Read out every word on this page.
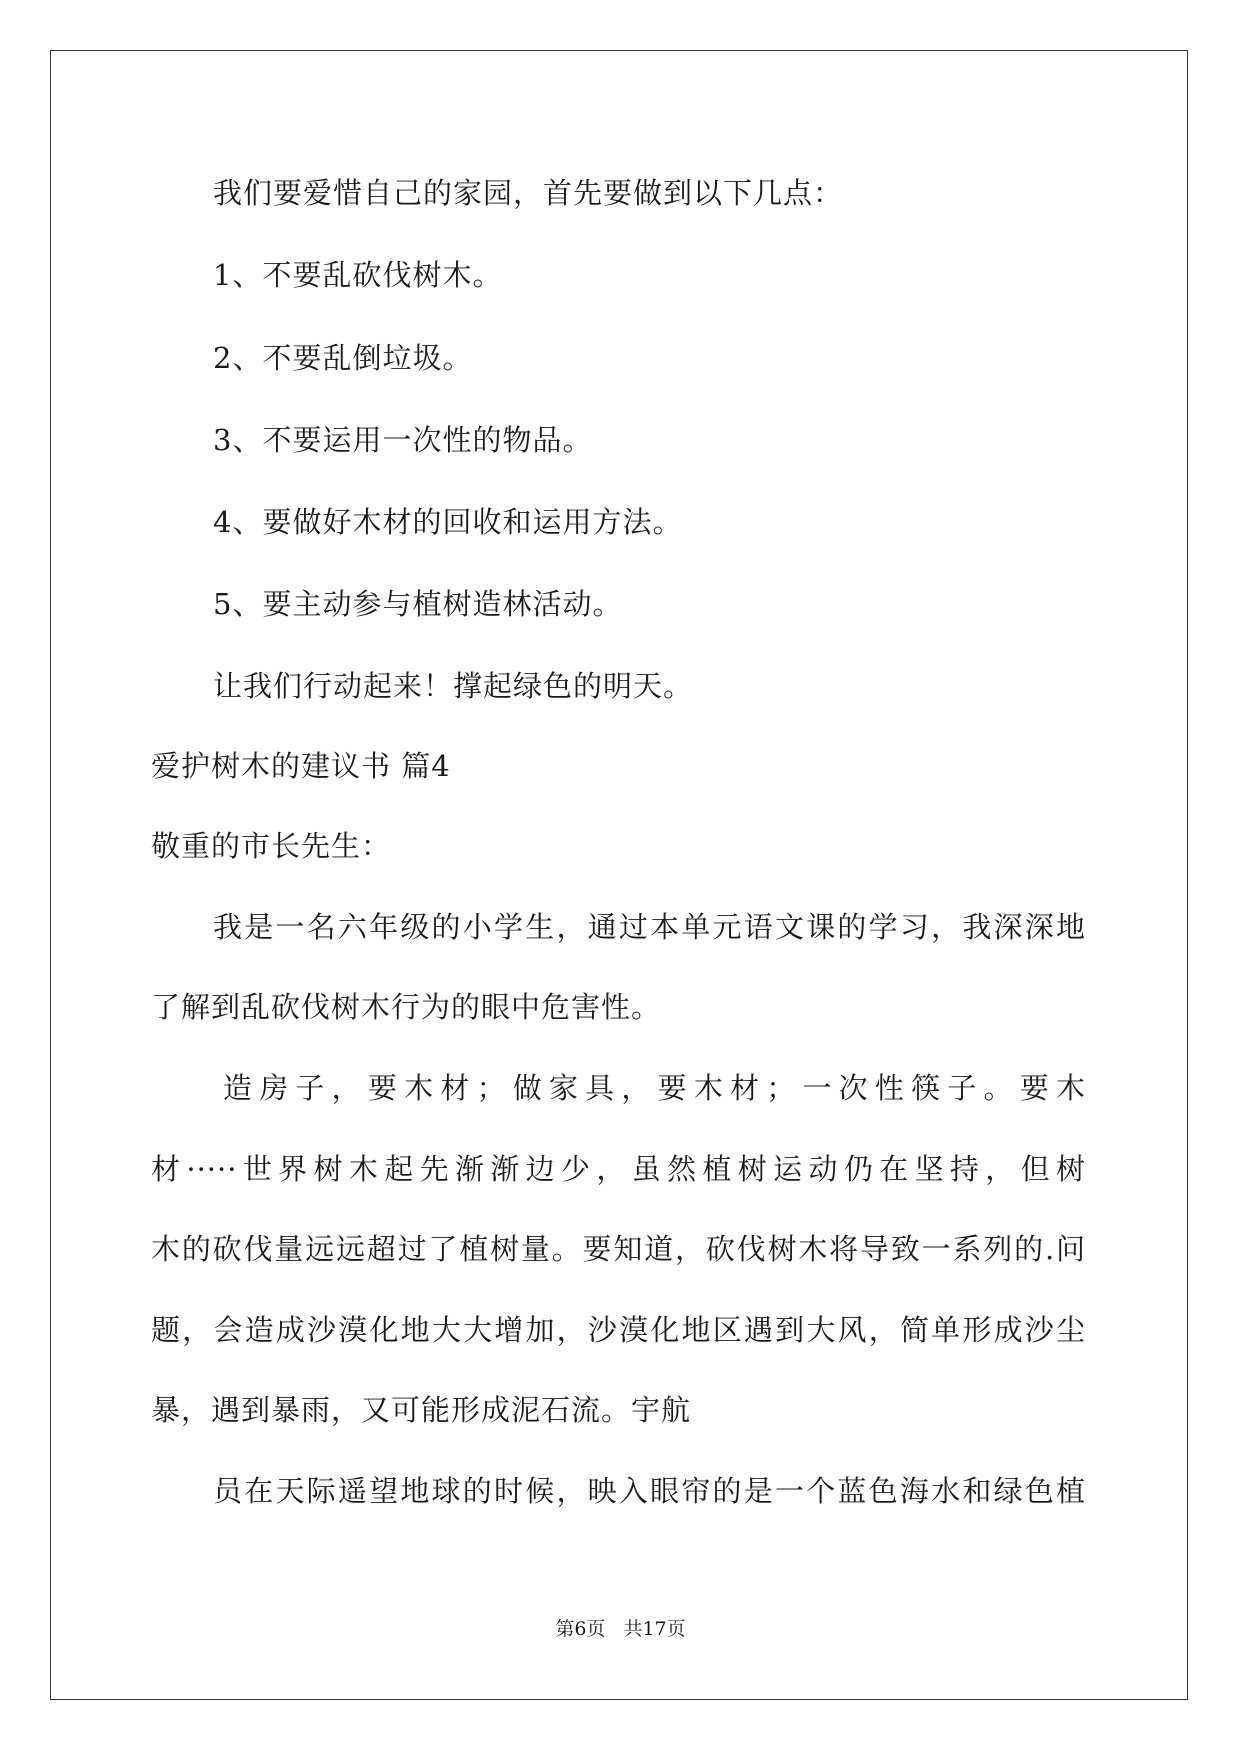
我们要爱惜自己的家园，首先要做到以下几点：

1、不要乱砍伐树木。

2、不要乱倒垃圾。

3、不要运用一次性的物品。

4、要做好木材的回收和运用方法。

5、要主动参与植树造林活动。

让我们行动起来！撑起绿色的明天。

爱护树木的建议书 篇4

敬重的市长先生：

我是一名六年级的小学生，通过本单元语文课的学习，我深深地

了解到乱砍伐树木行为的眼中危害性。

造房子，要木材；做家具，要木材；一次性筷子。要木

材·····世界树木起先渐渐边少，虽然植树运动仍在坚持，但树

木的砍伐量远远超过了植树量。要知道，砍伐树木将导致一系列的.问

题，会造成沙漠化地大大增加，沙漠化地区遇到大风，简单形成沙尘

暴，遇到暴雨，又可能形成泥石流。宇航

员在天际遥望地球的时候，映入眼帘的是一个蓝色海水和绿色植

第6页 共17页
